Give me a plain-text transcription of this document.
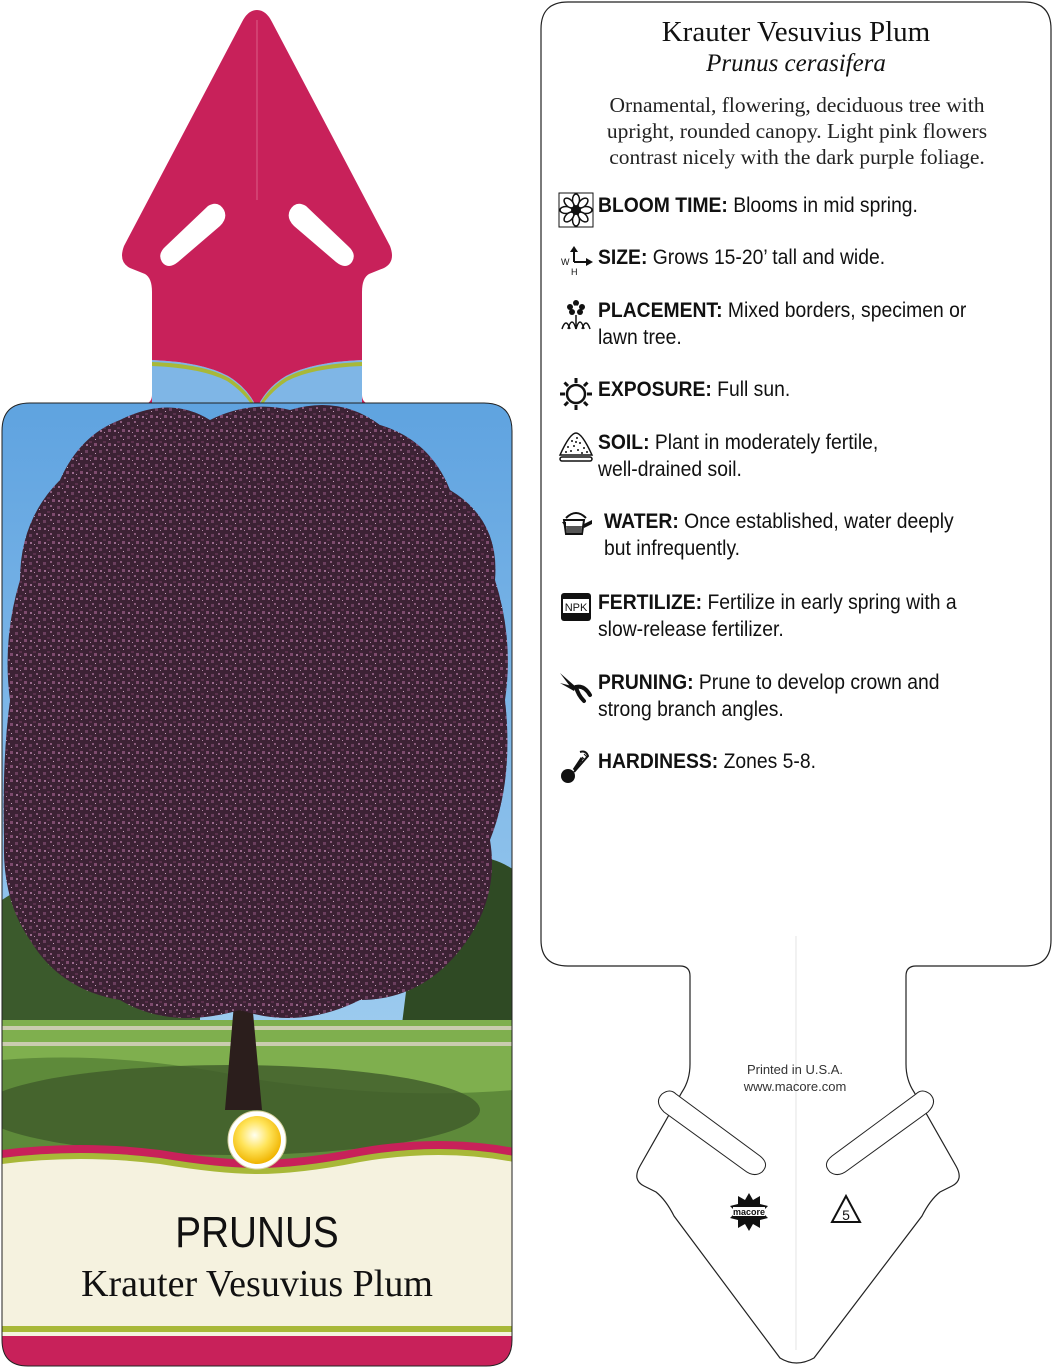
macore	5
PRUNUS
Krauter Vesuvius Plum
Krauter Vesuvius Plum
Prunus cerasifera
Ornamental, flowering, deciduous tree with
upright, rounded canopy. Light pink flowers
contrast nicely with the dark purple foliage.
BLOOM TIME: Blooms in mid spring.
W
H
SIZE: Grows 15-20’ tall and wide.
PLACEMENT: Mixed borders, specimen or
lawn tree.
EXPOSURE: Full sun.
SOIL: Plant in moderately fertile,
well-drained soil.
WATER: Once established, water deeply
but infrequently.
NPK FERTILIZE: Fertilize in early spring with a
slow-release fertilizer.
PRUNING: Prune to develop crown and
strong branch angles.
HARDINESS: Zones 5-8.
Printed in U.S.A.
www.macore.com
